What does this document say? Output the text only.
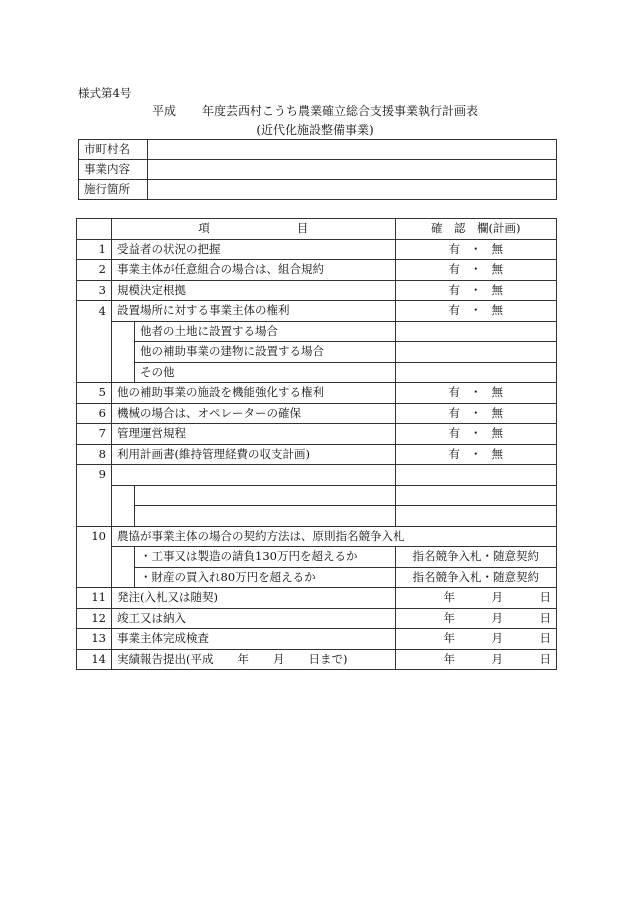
様式第4号
平成 年度芸西村こうち農業確立総合支援事業執行計画表
(近代化施設整備事業)
市町村名	
事業内容	
施行箇所	
	項 目		確　認　欄(計画)
1	受益者の状況の把握		有 ・ 無
2	事業主体が任意組合の場合は、組合規約		有 ・ 無
3	規模決定根拠		有 ・ 無
4	設置場所に対する事業主体の権利		有 ・ 無
		他者の土地に設置する場合	
		他の補助事業の建物に設置する場合	
		その他	
5	他の補助事業の施設を機能強化する権利		有 ・ 無
6	機械の場合は、オペレーターの確保		有 ・ 無
7	管理運営規程		有 ・ 無
8	利用計画書(維持管理経費の収支計画)		有 ・ 無
9			

10	農協が事業主体の場合の契約方法は、原則指名競争入札		
		・工事又は製造の請負130万円を超えるか	指名競争入札・随意契約
		・財産の買入れ80万円を超えるか	指名競争入札・随意契約
11	発注(入札又は随契)		年 月 日
12	竣工又は納入		年 月 日
13	事業主体完成検査		年 月 日
14	実績報告提出(平成 年 月 日まで)		年 月 日
